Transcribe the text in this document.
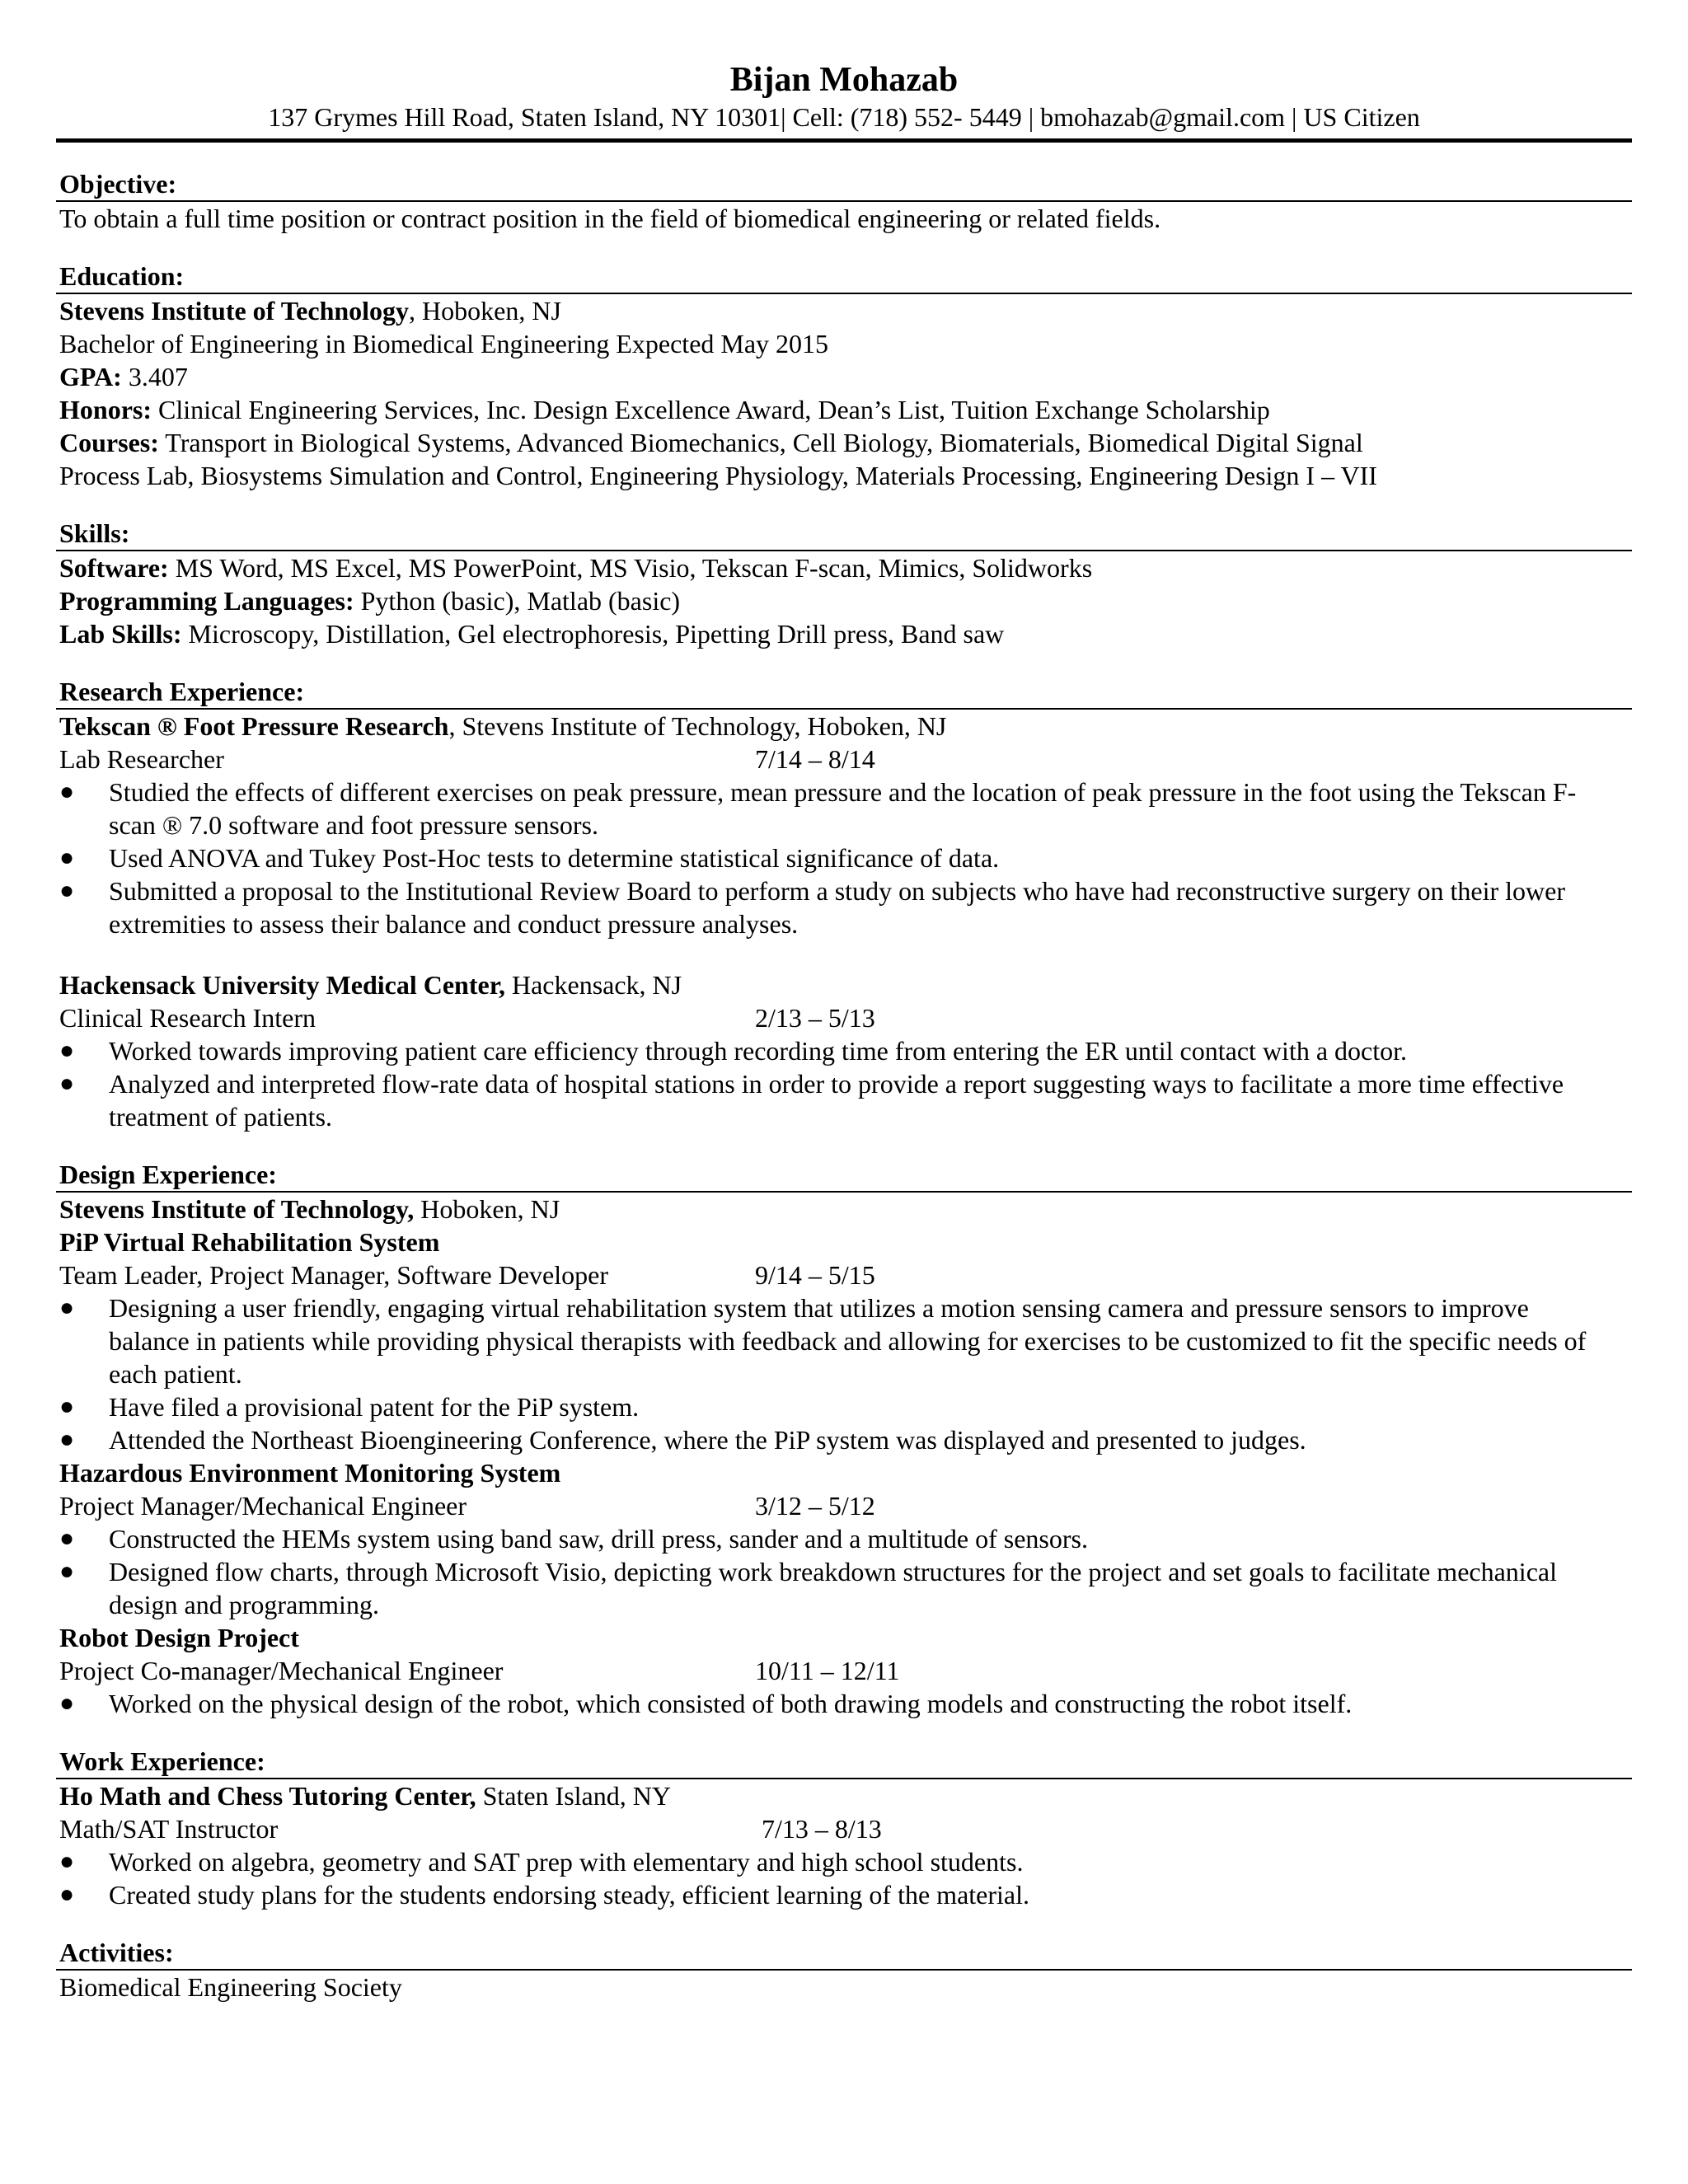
Bijan Mohazab
137 Grymes Hill Road, Staten Island, NY 10301| Cell: (718) 552- 5449 | bmohazab@gmail.com | US Citizen
Objective:
To obtain a full time position or contract position in the field of biomedical engineering or related fields.
Education:
Stevens Institute of Technology, Hoboken, NJ
Bachelor of Engineering in Biomedical Engineering Expected May 2015
GPA: 3.407
Honors: Clinical Engineering Services, Inc. Design Excellence Award, Dean’s List, Tuition Exchange Scholarship
Courses: Transport in Biological Systems, Advanced Biomechanics, Cell Biology, Biomaterials, Biomedical Digital Signal
Process Lab, Biosystems Simulation and Control, Engineering Physiology, Materials Processing, Engineering Design I – VII
Skills:
Software: MS Word, MS Excel, MS PowerPoint, MS Visio, Tekscan F-scan, Mimics, Solidworks
Programming Languages: Python (basic), Matlab (basic)
Lab Skills: Microscopy, Distillation, Gel electrophoresis, Pipetting Drill press, Band saw
Research Experience:
Tekscan ® Foot Pressure Research, Stevens Institute of Technology, Hoboken, NJ
Lab Researcher	7/14 – 8/14
● Studied the effects of different exercises on peak pressure, mean pressure and the location of peak pressure in the foot using the Tekscan F-scan ® 7.0 software and foot pressure sensors.
● Used ANOVA and Tukey Post-Hoc tests to determine statistical significance of data.
● Submitted a proposal to the Institutional Review Board to perform a study on subjects who have had reconstructive surgery on their lower extremities to assess their balance and conduct pressure analyses.
Hackensack University Medical Center, Hackensack, NJ
Clinical Research Intern	2/13 – 5/13
● Worked towards improving patient care efficiency through recording time from entering the ER until contact with a doctor.
● Analyzed and interpreted flow-rate data of hospital stations in order to provide a report suggesting ways to facilitate a more time effective treatment of patients.
Design Experience:
Stevens Institute of Technology, Hoboken, NJ
PiP Virtual Rehabilitation System
Team Leader, Project Manager, Software Developer	9/14 – 5/15
● Designing a user friendly, engaging virtual rehabilitation system that utilizes a motion sensing camera and pressure sensors to improve balance in patients while providing physical therapists with feedback and allowing for exercises to be customized to fit the specific needs of each patient.
● Have filed a provisional patent for the PiP system.
● Attended the Northeast Bioengineering Conference, where the PiP system was displayed and presented to judges.
Hazardous Environment Monitoring System
Project Manager/Mechanical Engineer	3/12 – 5/12
● Constructed the HEMs system using band saw, drill press, sander and a multitude of sensors.
● Designed flow charts, through Microsoft Visio, depicting work breakdown structures for the project and set goals to facilitate mechanical design and programming.
Robot Design Project
Project Co-manager/Mechanical Engineer	10/11 – 12/11
● Worked on the physical design of the robot, which consisted of both drawing models and constructing the robot itself.
Work Experience:
Ho Math and Chess Tutoring Center, Staten Island, NY
Math/SAT Instructor	7/13 – 8/13
● Worked on algebra, geometry and SAT prep with elementary and high school students.
● Created study plans for the students endorsing steady, efficient learning of the material.
Activities:
Biomedical Engineering Society
